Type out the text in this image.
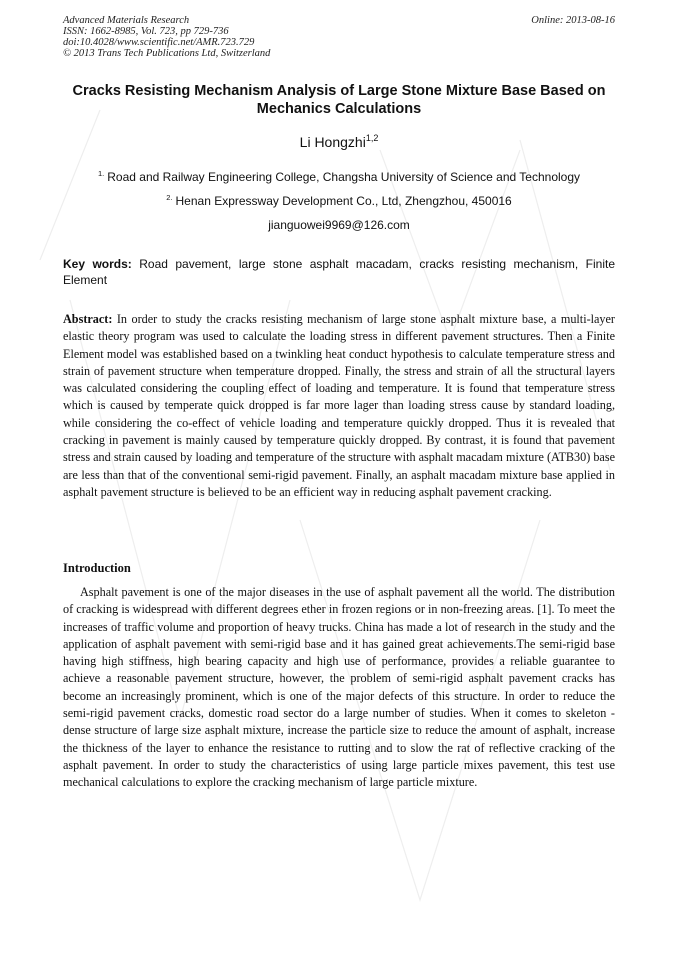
Advanced Materials Research
ISSN: 1662-8985, Vol. 723, pp 729-736
doi:10.4028/www.scientific.net/AMR.723.729
© 2013 Trans Tech Publications Ltd, Switzerland
Online: 2013-08-16
Cracks Resisting Mechanism Analysis of Large Stone Mixture Base Based on Mechanics Calculations
Li Hongzhi$^{1,2}$
$^{1.}$ Road and Railway Engineering College, Changsha University of Science and Technology
$^{2.}$ Henan Expressway Development Co., Ltd, Zhengzhou, 450016
jianguowei9969@126.com
Key words: Road pavement, large stone asphalt macadam, cracks resisting mechanism, Finite Element
Abstract: In order to study the cracks resisting mechanism of large stone asphalt mixture base, a multi-layer elastic theory program was used to calculate the loading stress in different pavement structures. Then a Finite Element model was established based on a twinkling heat conduct hypothesis to calculate temperature stress and strain of pavement structure when temperature dropped. Finally, the stress and strain of all the structural layers was calculated considering the coupling effect of loading and temperature. It is found that temperature stress which is caused by temperate quick dropped is far more lager than loading stress cause by standard loading, while considering the co-effect of vehicle loading and temperature quickly dropped. Thus it is revealed that cracking in pavement is mainly caused by temperature quickly dropped. By contrast, it is found that pavement stress and strain caused by loading and temperature of the structure with asphalt macadam mixture (ATB30) base are less than that of the conventional semi-rigid pavement. Finally, an asphalt macadam mixture base applied in asphalt pavement structure is believed to be an efficient way in reducing asphalt pavement cracking.
Introduction
Asphalt pavement is one of the major diseases in the use of asphalt pavement all the world. The distribution of cracking is widespread with different degrees ether in frozen regions or in non-freezing areas. [1]. To meet the increases of traffic volume and proportion of heavy trucks. China has made a lot of research in the study and the application of asphalt pavement with semi-rigid base and it has gained great achievements.The semi-rigid base having high stiffness, high bearing capacity and high use of performance, provides a reliable guarantee to achieve a reasonable pavement structure, however, the problem of semi-rigid asphalt pavement cracks has become an increasingly prominent, which is one of the major defects of this structure. In order to reduce the semi-rigid pavement cracks, domestic road sector do a large number of studies. When it comes to skeleton - dense structure of large size asphalt mixture, increase the particle size to reduce the amount of asphalt, increase the thickness of the layer to enhance the resistance to rutting and to slow the rat of reflective cracking of the asphalt pavement. In order to study the characteristics of using large particle mixes pavement, this test use mechanical calculations to explore the cracking mechanism of large particle mixture.
